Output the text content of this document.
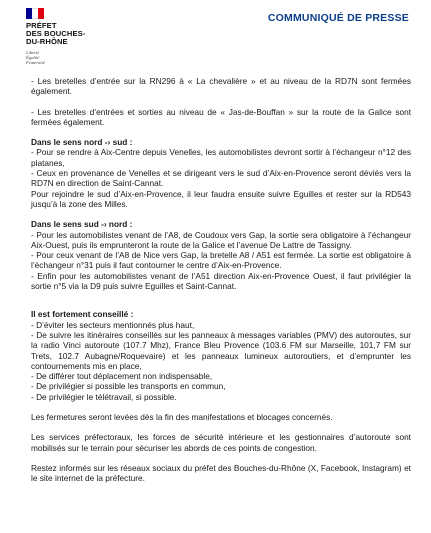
PRÉFET
DES BOUCHES-
DU-RHÔNE
Liberté
Égalité
Fraternité
COMMUNIQUÉ DE PRESSE

- Les bretelles d’entrée sur la RN296 à « La chevalière » et au niveau de la RD7N sont fermées également.

- Les bretelles d’entrées et sorties au niveau de « Jas-de-Bouffan » sur la route de la Galice sont fermées également.

Dans le sens nord -› sud :

- Pour se rendre à Aix-Centre depuis Venelles, les automobilistes devront sortir à l’échangeur n°12 des platanes,

- Ceux en provenance de Venelles et se dirigeant vers le sud d’Aix-en-Provence seront déviés vers la RD7N en direction de Saint-Cannat.

Pour rejoindre le sud d’Aix-en-Provence, il leur faudra ensuite suivre Eguilles et rester sur la RD543 jusqu’à la zone des Milles.

Dans le sens sud -› nord :

- Pour les automobilistes venant de l’A8, de Coudoux vers Gap, la sortie sera obligatoire à l’échangeur Aix-Ouest, puis ils emprunteront la route de la Galice et l’avenue De Lattre de Tassigny.

- Pour ceux venant de l’A8 de Nice vers Gap, la bretelle A8 / A51 est fermée. La sortie est obligatoire à l’échangeur n°31 puis il faut contourner le centre d’Aix-en-Provence.

- Enfin pour les automobilistes venant de l’A51 direction Aix-en-Provence Ouest, il faut privilégier la sortie n°5 via la D9 puis suivre Eguilles et Saint-Cannat.

Il est fortement conseillé :

- D’éviter les secteurs mentionnés plus haut,

- De suivre les itinéraires conseillés sur les panneaux à messages variables (PMV) des autoroutes, sur la radio Vinci autoroute (107.7 Mhz), France Bleu Provence (103.6 FM sur Marseille, 101,7 FM sur Trets, 102.7 Aubagne/Roquevaire) et les panneaux lumineux autoroutiers, et d’emprunter les contournements mis en place,

- De différer tout déplacement non indispensable,

- De privilégier si possible les transports en commun,

- De privilégier le télétravail, si possible.

Les fermetures seront levées dès la fin des manifestations et blocages concernés.

Les services préfectoraux, les forces de sécurité intérieure et les gestionnaires d’autoroute sont mobilisés sur le terrain pour sécuriser les abords de ces points de congestion.

Restez informés sur les réseaux sociaux du préfet des Bouches-du-Rhône (X, Facebook, Instagram) et le site internet de la préfecture.
